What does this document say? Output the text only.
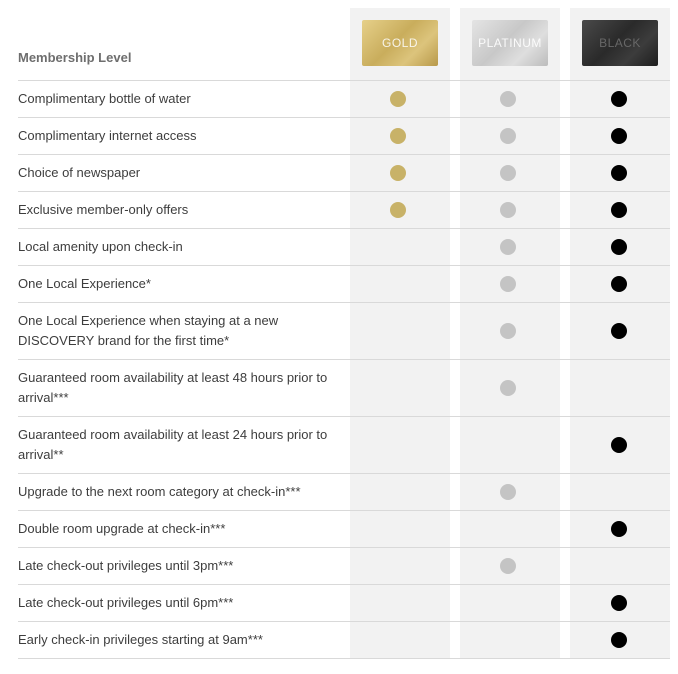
Membership Level
GOLD	PLATINUM	BLACK
Complimentary bottle of water
Complimentary internet access
Choice of newspaper
Exclusive member-only offers
Local amenity upon check-in
One Local Experience*
One Local Experience when staying at a new DISCOVERY brand for the first time*
Guaranteed room availability at least 48 hours prior to arrival***
Guaranteed room availability at least 24 hours prior to arrival**
Upgrade to the next room category at check-in***
Double room upgrade at check-in***
Late check-out privileges until 3pm***
Late check-out privileges until 6pm***
Early check-in privileges starting at 9am***
